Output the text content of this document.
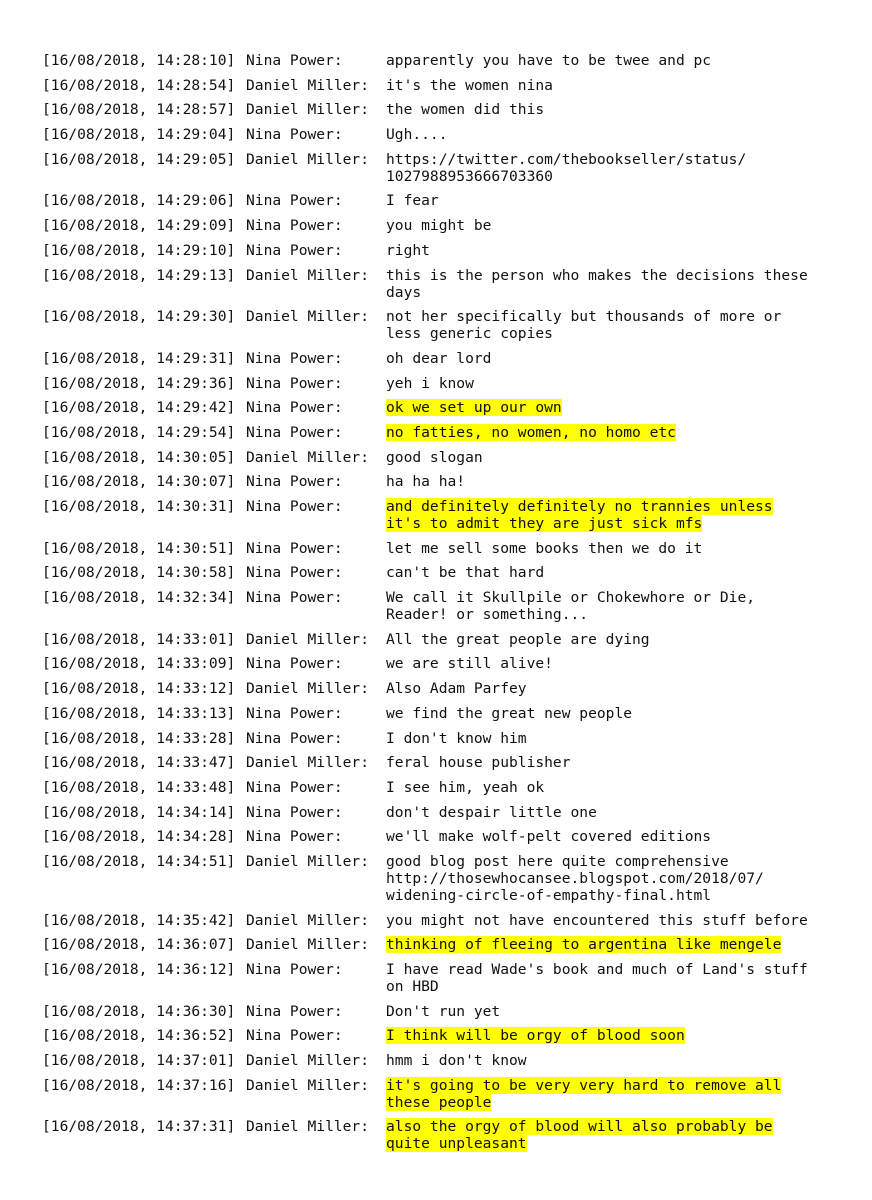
[16/08/2018, 14:28:10] Nina Power:	apparently you have to be twee and pc
[16/08/2018, 14:28:54] Daniel Miller:	it's the women nina
[16/08/2018, 14:28:57] Daniel Miller:	the women did this
[16/08/2018, 14:29:04] Nina Power:	Ugh....
[16/08/2018, 14:29:05] Daniel Miller:	https://twitter.com/thebookseller/status/
1027988953666703360
[16/08/2018, 14:29:06] Nina Power:	I fear
[16/08/2018, 14:29:09] Nina Power:	you might be
[16/08/2018, 14:29:10] Nina Power:	right
[16/08/2018, 14:29:13] Daniel Miller:	this is the person who makes the decisions these
days
[16/08/2018, 14:29:30] Daniel Miller:	not her specifically but thousands of more or
less generic copies
[16/08/2018, 14:29:31] Nina Power:	oh dear lord
[16/08/2018, 14:29:36] Nina Power:	yeh i know
[16/08/2018, 14:29:42] Nina Power:	ok we set up our own
[16/08/2018, 14:29:54] Nina Power:	no fatties, no women, no homo etc
[16/08/2018, 14:30:05] Daniel Miller:	good slogan
[16/08/2018, 14:30:07] Nina Power:	ha ha ha!
[16/08/2018, 14:30:31] Nina Power:	and definitely definitely no trannies unless
it's to admit they are just sick mfs
[16/08/2018, 14:30:51] Nina Power:	let me sell some books then we do it
[16/08/2018, 14:30:58] Nina Power:	can't be that hard
[16/08/2018, 14:32:34] Nina Power:	We call it Skullpile or Chokewhore or Die,
Reader! or something...
[16/08/2018, 14:33:01] Daniel Miller:	All the great people are dying
[16/08/2018, 14:33:09] Nina Power:	we are still alive!
[16/08/2018, 14:33:12] Daniel Miller:	Also Adam Parfey
[16/08/2018, 14:33:13] Nina Power:	we find the great new people
[16/08/2018, 14:33:28] Nina Power:	I don't know him
[16/08/2018, 14:33:47] Daniel Miller:	feral house publisher
[16/08/2018, 14:33:48] Nina Power:	I see him, yeah ok
[16/08/2018, 14:34:14] Nina Power:	don't despair little one
[16/08/2018, 14:34:28] Nina Power:	we'll make wolf-pelt covered editions
[16/08/2018, 14:34:51] Daniel Miller:	good blog post here quite comprehensive
http://thosewhocansee.blogspot.com/2018/07/
widening-circle-of-empathy-final.html
[16/08/2018, 14:35:42] Daniel Miller:	you might not have encountered this stuff before
[16/08/2018, 14:36:07] Daniel Miller:	thinking of fleeing to argentina like mengele
[16/08/2018, 14:36:12] Nina Power:	I have read Wade's book and much of Land's stuff
on HBD
[16/08/2018, 14:36:30] Nina Power:	Don't run yet
[16/08/2018, 14:36:52] Nina Power:	I think will be orgy of blood soon
[16/08/2018, 14:37:01] Daniel Miller:	hmm i don't know
[16/08/2018, 14:37:16] Daniel Miller:	it's going to be very very hard to remove all
these people
[16/08/2018, 14:37:31] Daniel Miller:	also the orgy of blood will also probably be
quite unpleasant
